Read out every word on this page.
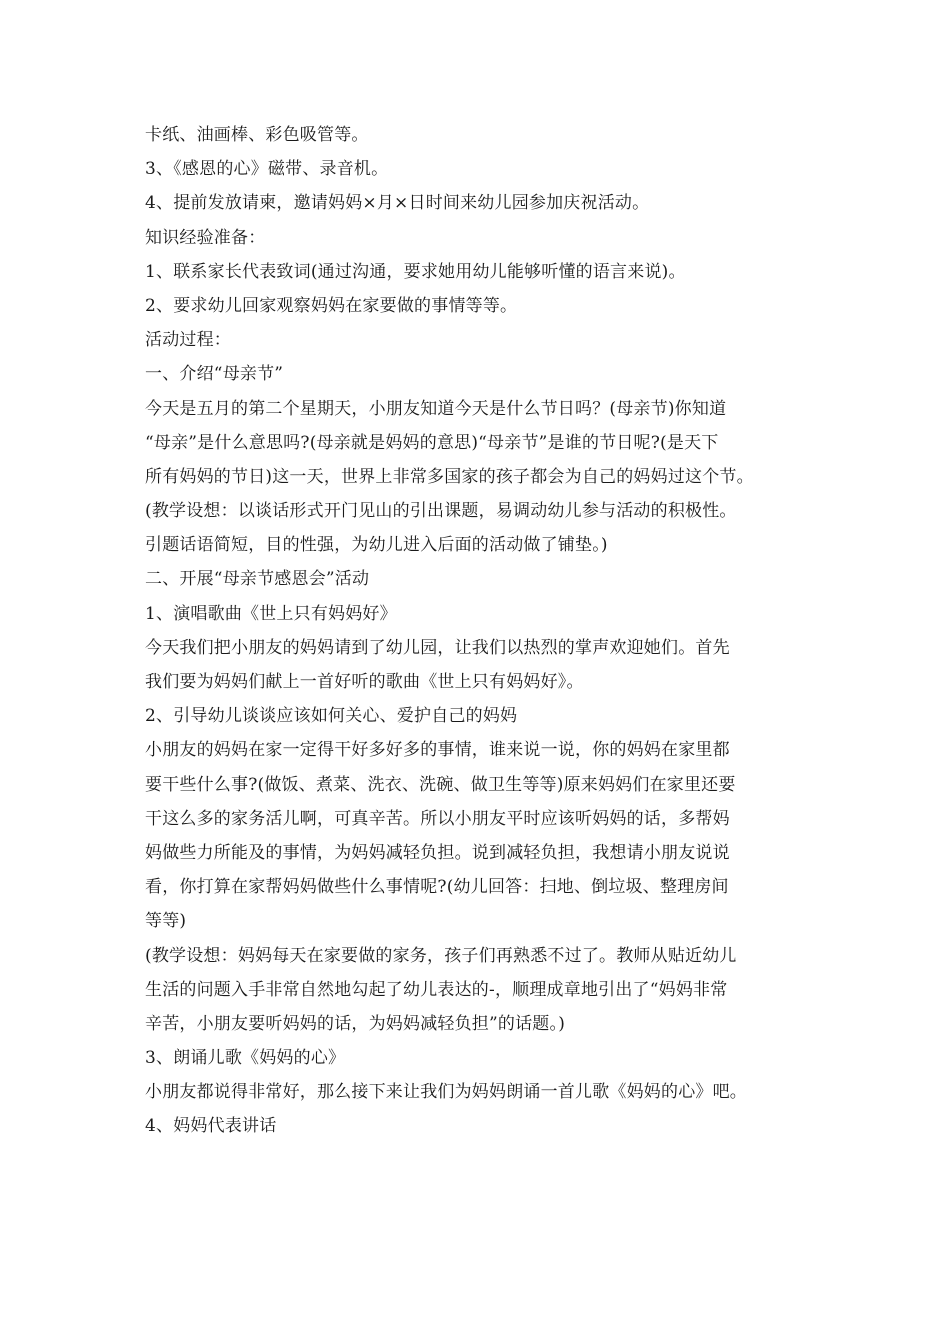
卡纸、油画棒、彩色吸管等。
3、《感恩的心》磁带、录音机。
4、提前发放请柬，邀请妈妈×月×日时间来幼儿园参加庆祝活动。
知识经验准备：
1、联系家长代表致词(通过沟通，要求她用幼儿能够听懂的语言来说)。
2、要求幼儿回家观察妈妈在家要做的事情等等。
活动过程：
一、介绍“母亲节”
今天是五月的第二个星期天，小朋友知道今天是什么节日吗？(母亲节)你知道
“母亲”是什么意思吗?(母亲就是妈妈的意思)“母亲节”是谁的节日呢?(是天下
所有妈妈的节日)这一天，世界上非常多国家的孩子都会为自己的妈妈过这个节。
(教学设想：以谈话形式开门见山的引出课题，易调动幼儿参与活动的积极性。
引题话语简短，目的性强，为幼儿进入后面的活动做了铺垫。)
二、开展“母亲节感恩会”活动
1、演唱歌曲《世上只有妈妈好》
今天我们把小朋友的妈妈请到了幼儿园，让我们以热烈的掌声欢迎她们。首先
我们要为妈妈们献上一首好听的歌曲《世上只有妈妈好》。
2、引导幼儿谈谈应该如何关心、爱护自己的妈妈
小朋友的妈妈在家一定得干好多好多的事情，谁来说一说，你的妈妈在家里都
要干些什么事?(做饭、煮菜、洗衣、洗碗、做卫生等等)原来妈妈们在家里还要
干这么多的家务活儿啊，可真辛苦。所以小朋友平时应该听妈妈的话，多帮妈
妈做些力所能及的事情，为妈妈减轻负担。说到减轻负担，我想请小朋友说说
看，你打算在家帮妈妈做些什么事情呢?(幼儿回答：扫地、倒垃圾、整理房间
等等)
(教学设想：妈妈每天在家要做的家务，孩子们再熟悉不过了。教师从贴近幼儿
生活的问题入手非常自然地勾起了幼儿表达的-，顺理成章地引出了“妈妈非常
辛苦，小朋友要听妈妈的话，为妈妈减轻负担”的话题。)
3、朗诵儿歌《妈妈的心》
小朋友都说得非常好，那么接下来让我们为妈妈朗诵一首儿歌《妈妈的心》吧。
4、妈妈代表讲话
